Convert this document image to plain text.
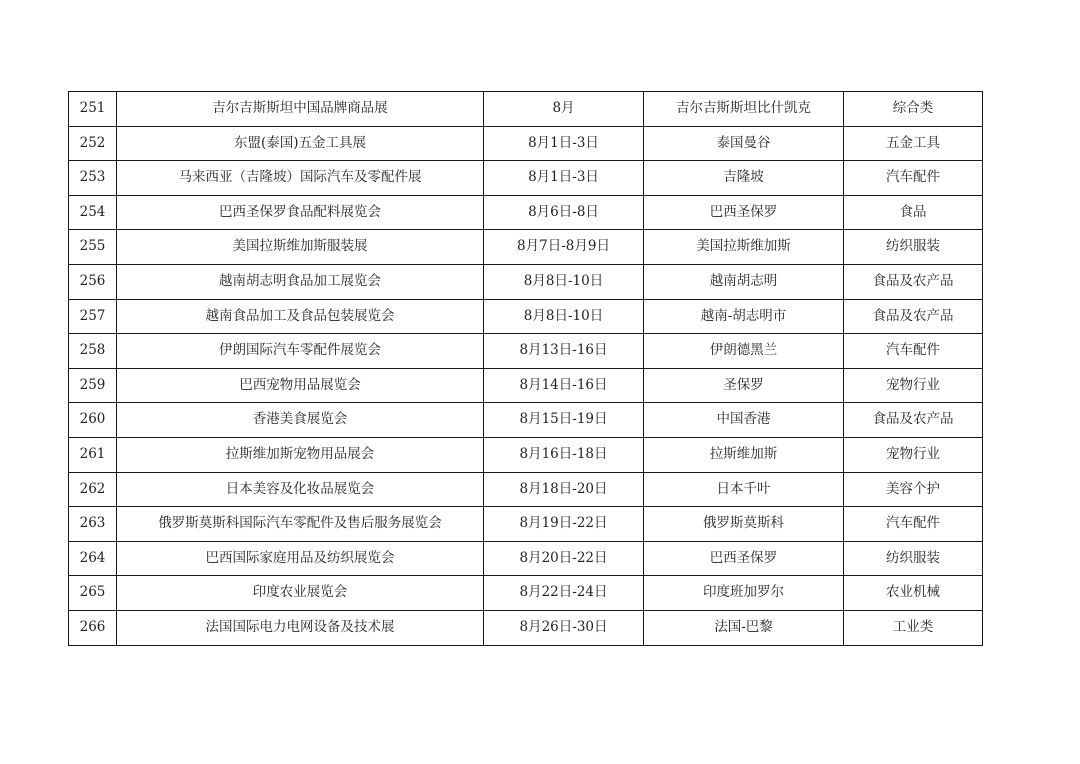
251	吉尔吉斯斯坦中国品牌商品展	8月	吉尔吉斯斯坦比什凯克	综合类
252	东盟(泰国)五金工具展	8月1日-3日	泰国曼谷	五金工具
253	马来西亚（吉隆坡）国际汽车及零配件展	8月1日-3日	吉隆坡	汽车配件
254	巴西圣保罗食品配料展览会	8月6日-8日	巴西圣保罗	食品
255	美国拉斯维加斯服装展	8月7日-8月9日	美国拉斯维加斯	纺织服装
256	越南胡志明食品加工展览会	8月8日-10日	越南胡志明	食品及农产品
257	越南食品加工及食品包装展览会	8月8日-10日	越南-胡志明市	食品及农产品
258	伊朗国际汽车零配件展览会	8月13日-16日	伊朗德黑兰	汽车配件
259	巴西宠物用品展览会	8月14日-16日	圣保罗	宠物行业
260	香港美食展览会	8月15日-19日	中国香港	食品及农产品
261	拉斯维加斯宠物用品展会	8月16日-18日	拉斯维加斯	宠物行业
262	日本美容及化妆品展览会	8月18日-20日	日本千叶	美容个护
263	俄罗斯莫斯科国际汽车零配件及售后服务展览会	8月19日-22日	俄罗斯莫斯科	汽车配件
264	巴西国际家庭用品及纺织展览会	8月20日-22日	巴西圣保罗	纺织服装
265	印度农业展览会	8月22日-24日	印度班加罗尔	农业机械
266	法国国际电力电网设备及技术展	8月26日-30日	法国-巴黎	工业类
